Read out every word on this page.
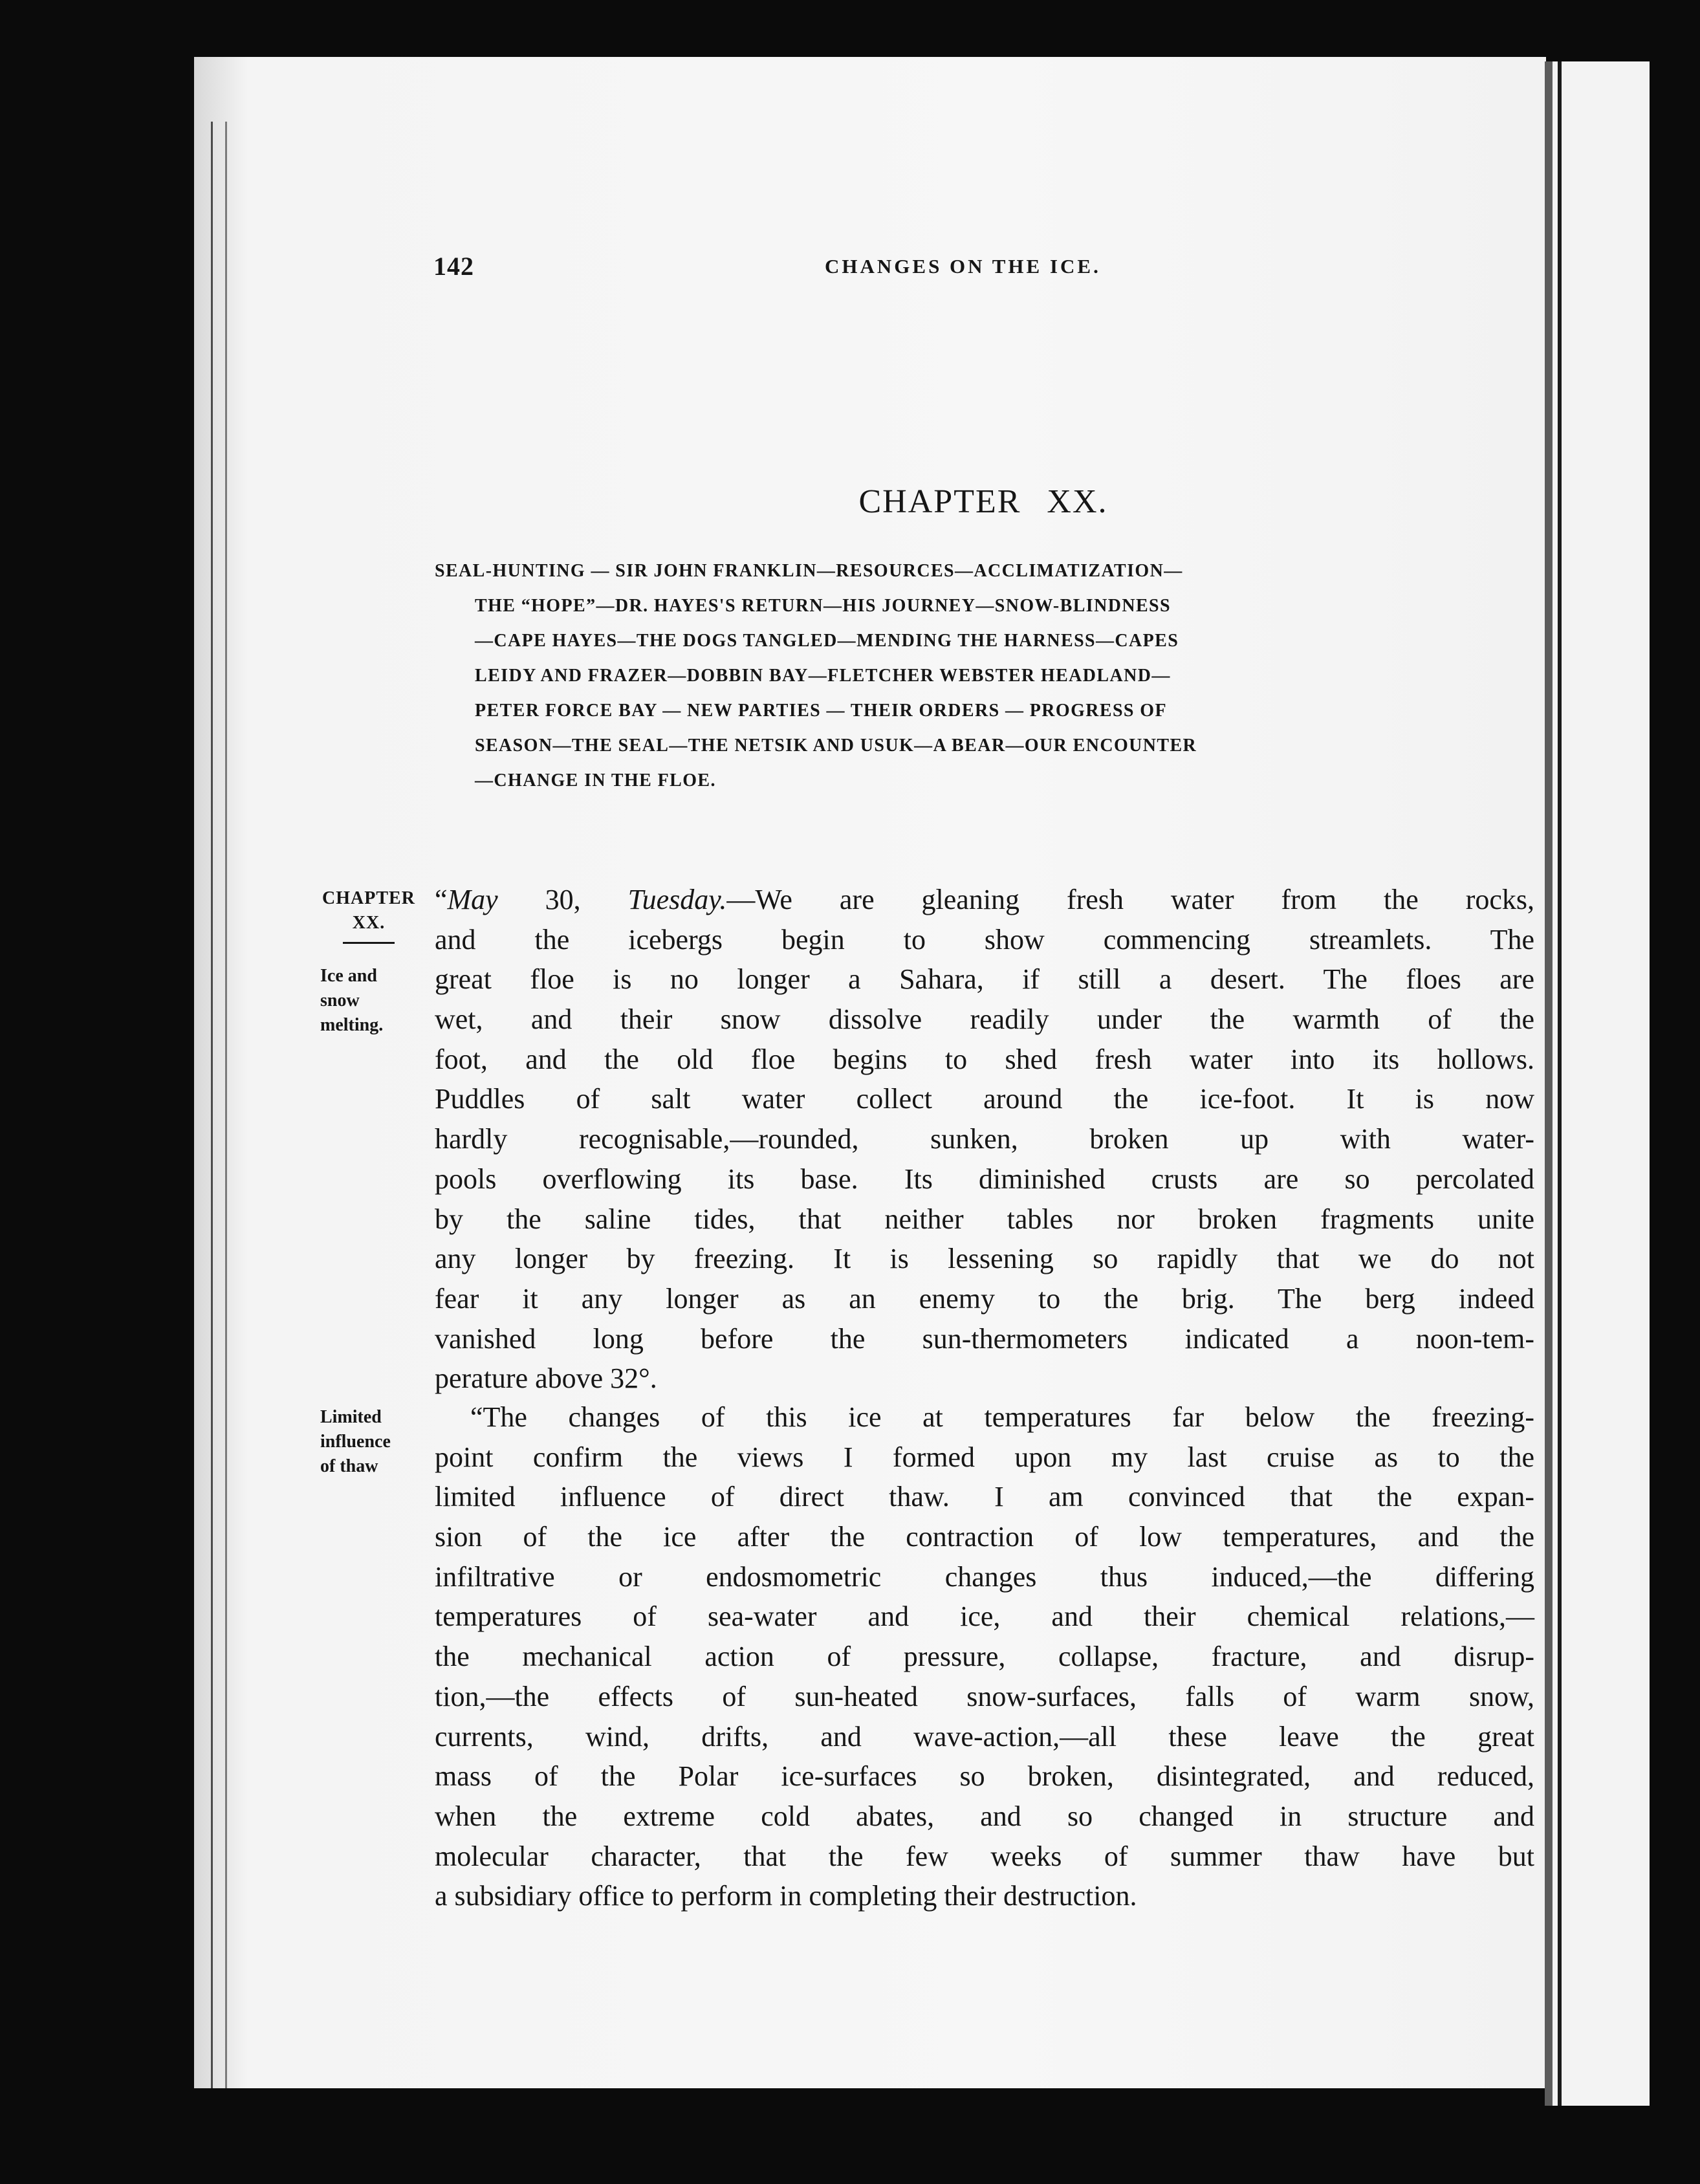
142	CHANGES ON THE ICE.
CHAPTER XX.
SEAL-HUNTING — SIR JOHN FRANKLIN—RESOURCES—ACCLIMATIZATION—
THE “HOPE”—DR. HAYES'S RETURN—HIS JOURNEY—SNOW-BLINDNESS
—CAPE HAYES—THE DOGS TANGLED—MENDING THE HARNESS—CAPES
LEIDY AND FRAZER—DOBBIN BAY—FLETCHER WEBSTER HEADLAND—
PETER FORCE BAY — NEW PARTIES — THEIR ORDERS — PROGRESS OF
SEASON—THE SEAL—THE NETSIK AND USUK—A BEAR—OUR ENCOUNTER
—CHANGE IN THE FLOE.
CHAPTER
XX.
Ice and
snow
melting.
Limited
influence
of thaw
“May 30, Tuesday.—We are gleaning fresh water from the rocks,
and the icebergs begin to show commencing streamlets. The
great floe is no longer a Sahara, if still a desert. The floes are
wet, and their snow dissolve readily under the warmth of the
foot, and the old floe begins to shed fresh water into its hollows.
Puddles of salt water collect around the ice-foot. It is now
hardly recognisable,—rounded, sunken, broken up with water-
pools overflowing its base. Its diminished crusts are so percolated
by the saline tides, that neither tables nor broken fragments unite
any longer by freezing. It is lessening so rapidly that we do not
fear it any longer as an enemy to the brig. The berg indeed
vanished long before the sun-thermometers indicated a noon-tem-
perature above 32°.
“The changes of this ice at temperatures far below the freezing-
point confirm the views I formed upon my last cruise as to the
limited influence of direct thaw. I am convinced that the expan-
sion of the ice after the contraction of low temperatures, and the
infiltrative or endosmometric changes thus induced,—the differing
temperatures of sea-water and ice, and their chemical relations,—
the mechanical action of pressure, collapse, fracture, and disrup-
tion,—the effects of sun-heated snow-surfaces, falls of warm snow,
currents, wind, drifts, and wave-action,—all these leave the great
mass of the Polar ice-surfaces so broken, disintegrated, and reduced,
when the extreme cold abates, and so changed in structure and
molecular character, that the few weeks of summer thaw have but
a subsidiary office to perform in completing their destruction.
